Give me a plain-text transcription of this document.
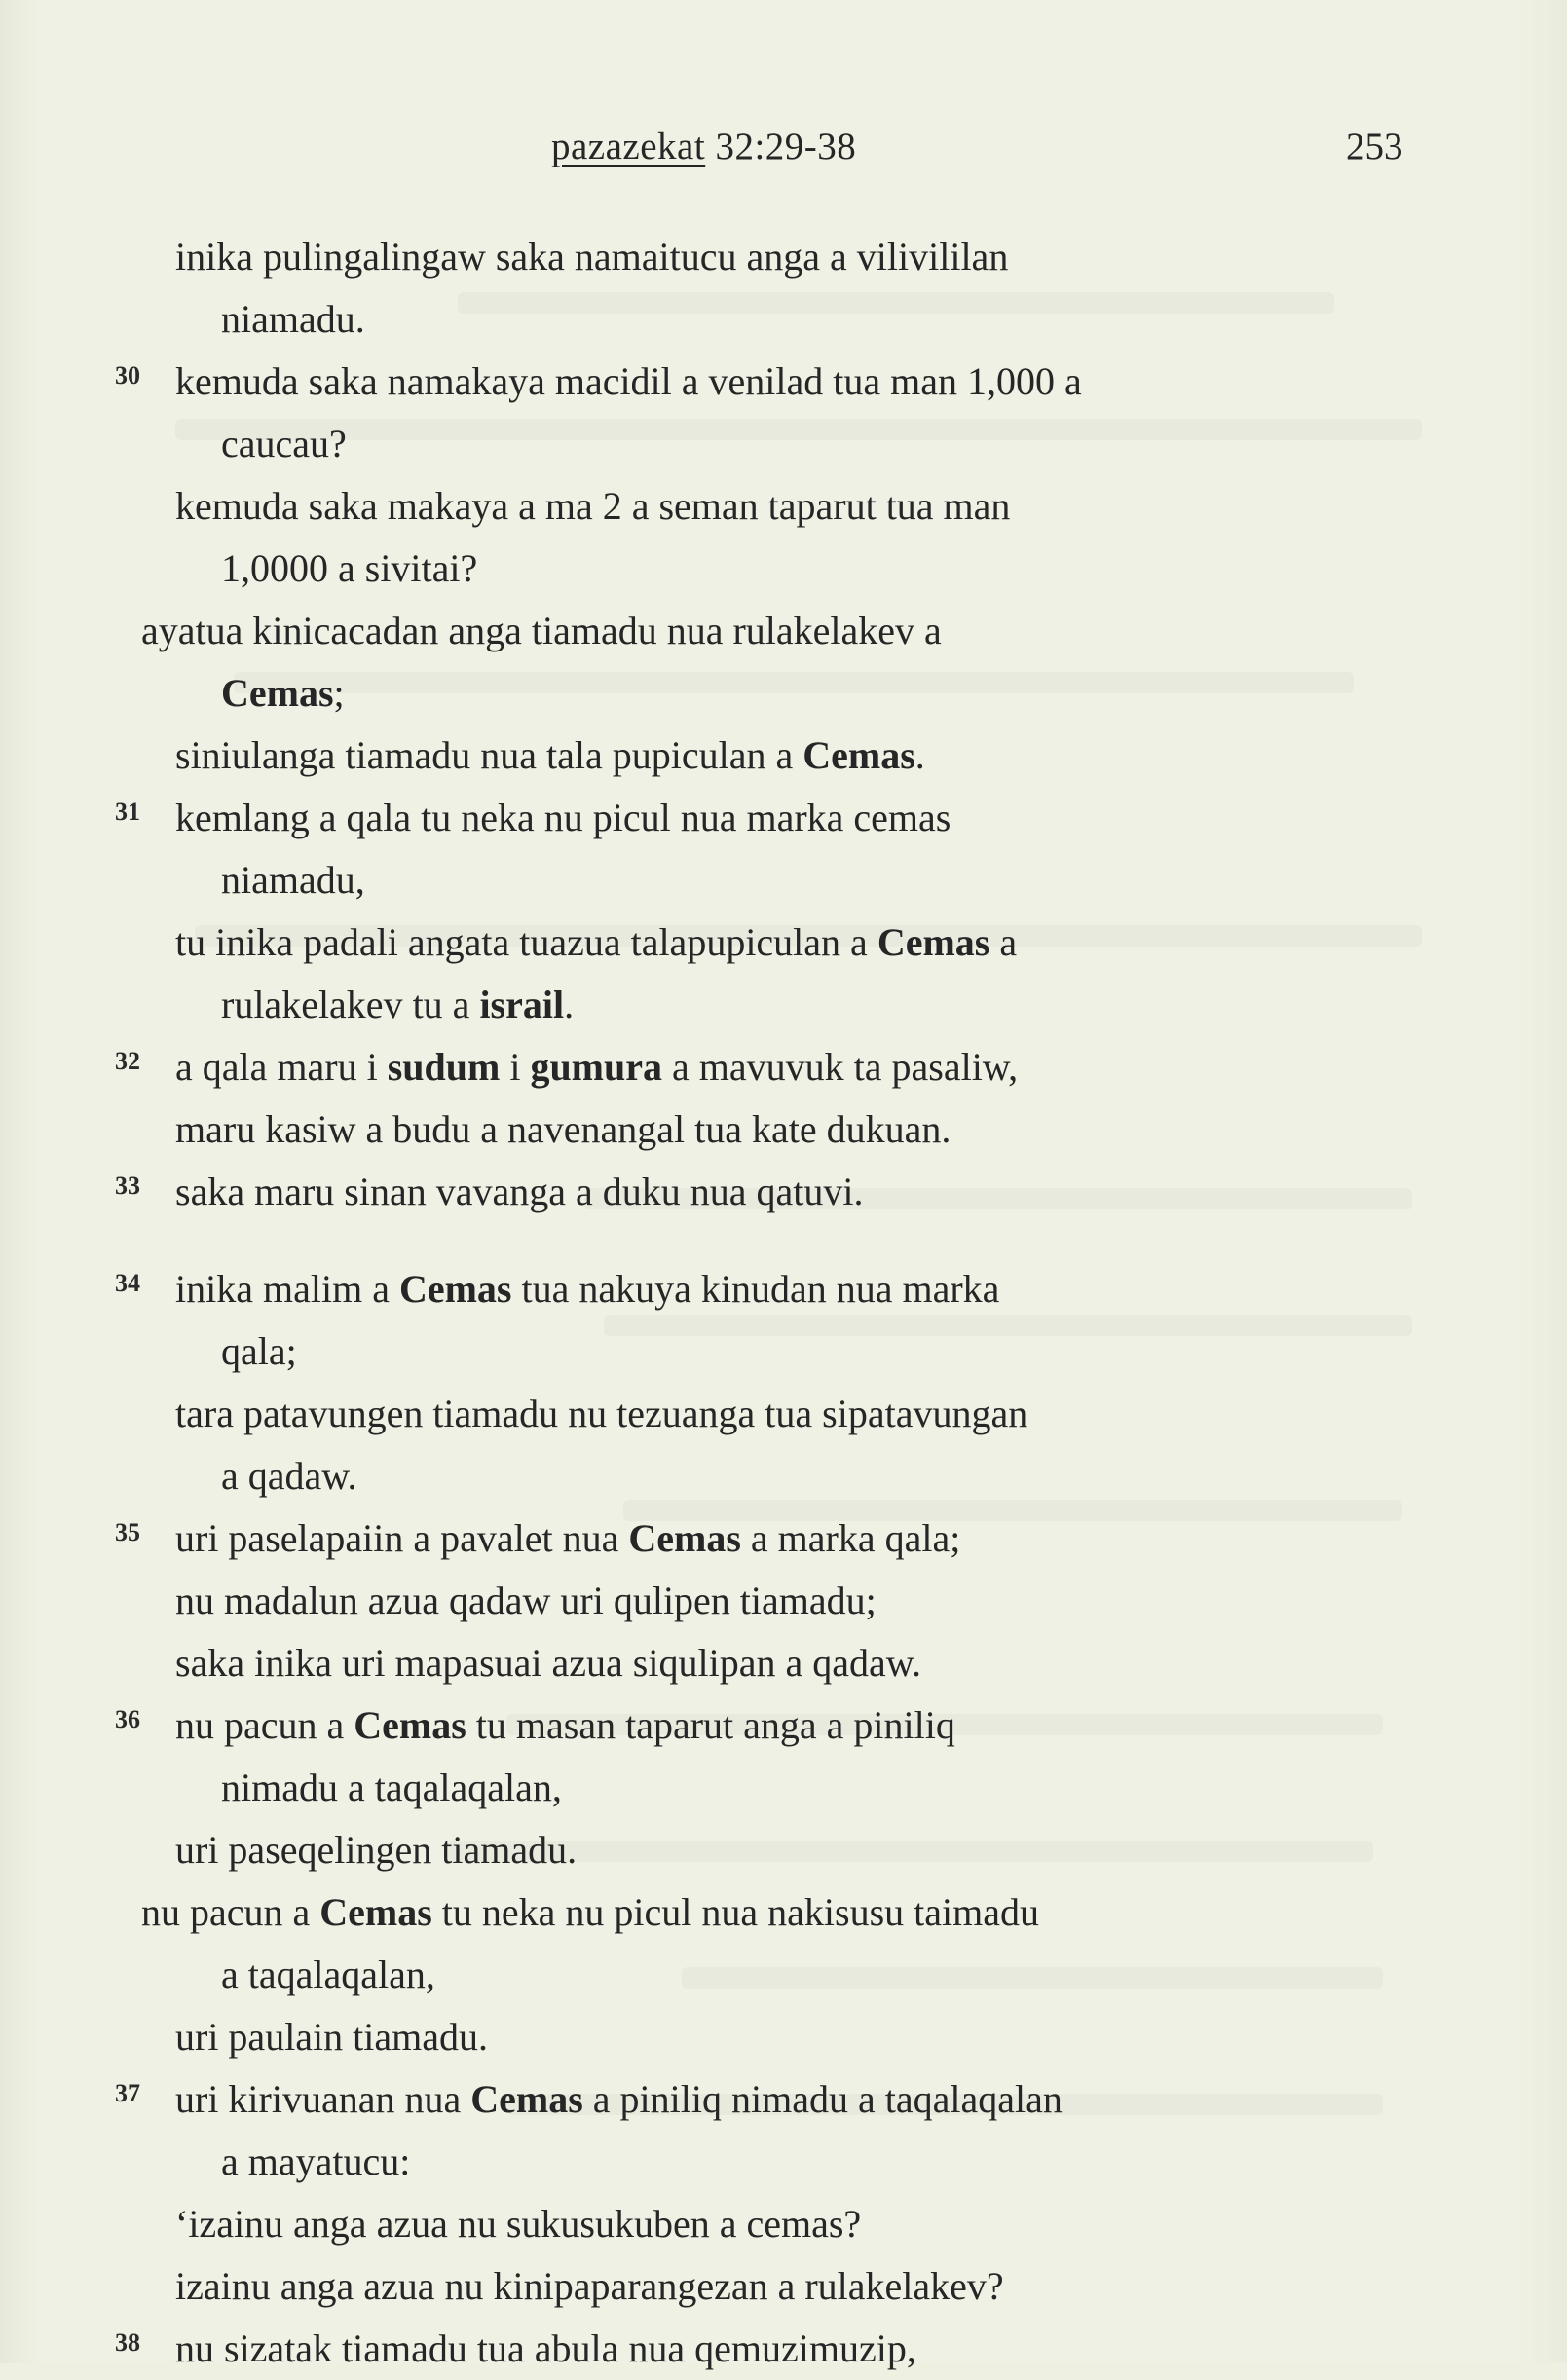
pazazekat 32:29-38	253
inika pulingalingaw saka namaitucu anga a vilivililan
niamadu.
30 kemuda saka namakaya macidil a venilad tua man 1,000 a
caucau?
kemuda saka makaya a ma 2 a seman taparut tua man
1,0000 a sivitai?
ayatua kinicacadan anga tiamadu nua rulakelakev a
Cemas;
siniulanga tiamadu nua tala pupiculan a Cemas.
31 kemlang a qala tu neka nu picul nua marka cemas
niamadu,
tu inika padali angata tuazua talapupiculan a Cemas a
rulakelakev tu a israil.
32 a qala maru i sudum i gumura a mavuvuk ta pasaliw,
maru kasiw a budu a navenangal tua kate dukuan.
33 saka maru sinan vavanga a duku nua qatuvi.
34 inika malim a Cemas tua nakuya kinudan nua marka
qala;
tara patavungen tiamadu nu tezuanga tua sipatavungan
a qadaw.
35 uri paselapaiin a pavalet nua Cemas a marka qala;
nu madalun azua qadaw uri qulipen tiamadu;
saka inika uri mapasuai azua siqulipan a qadaw.
36 nu pacun a Cemas tu masan taparut anga a piniliq
nimadu a taqalaqalan,
uri paseqelingen tiamadu.
nu pacun a Cemas tu neka nu picul nua nakisusu taimadu
a taqalaqalan,
uri paulain tiamadu.
37 uri kirivuanan nua Cemas a piniliq nimadu a taqalaqalan
a mayatucu:
‘izainu anga azua nu sukusukuben a cemas?
izainu anga azua nu kinipaparangezan a rulakelakev?
38 nu sizatak tiamadu tua abula nua qemuzimuzip,
